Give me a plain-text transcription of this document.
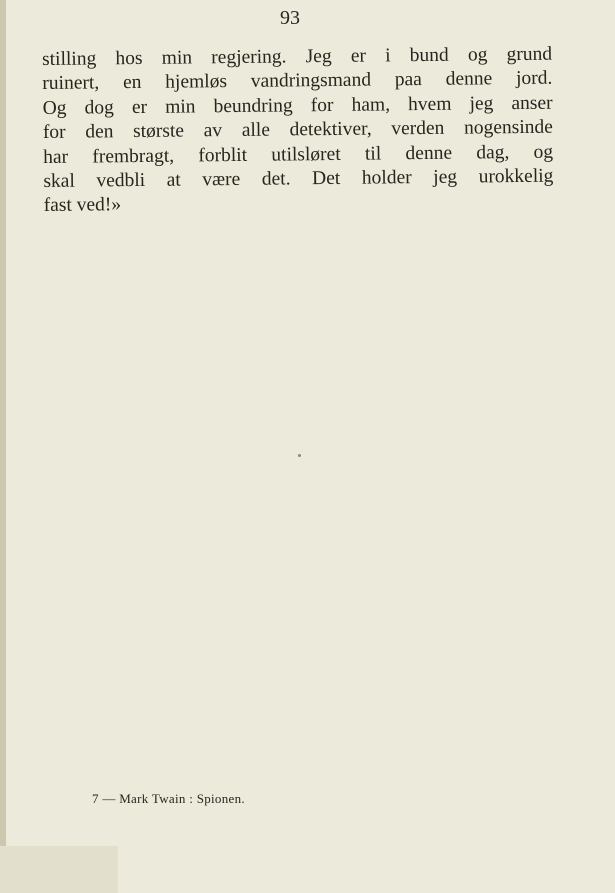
93
stilling hos min regjering. Jeg er i bund og grund
ruinert, en hjemløs vandringsmand paa denne jord.
Og dog er min beundring for ham, hvem jeg anser
for den største av alle detektiver, verden nogensinde
har frembragt, forblit utilsløret til denne dag, og
skal vedbli at være det. Det holder jeg urokkelig
fast ved!»
7 — Mark Twain : Spionen.
